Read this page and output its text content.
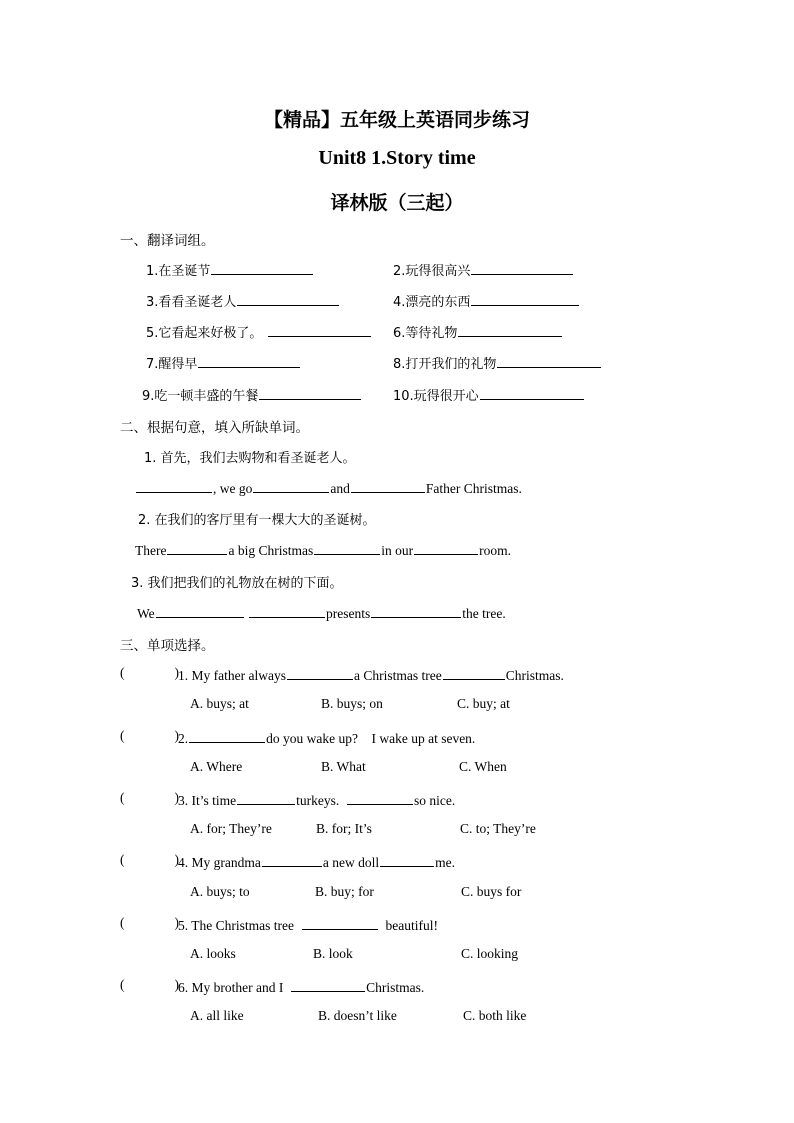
【精品】五年级上英语同步练习
Unit8 1.Story time
译林版（三起）
一、翻译词组。
1.在圣诞节	2.玩得很高兴
3.看看圣诞老人	4.漂亮的东西
5.它看起来好极了。	6.等待礼物
7.醒得早	8.打开我们的礼物
9.吃一顿丰盛的午餐	10.玩得很开心
二、根据句意，填入所缺单词。
1. 首先，我们去购物和看圣诞老人。
, we go	and	Father Christmas.
2. 在我们的客厅里有一棵大大的圣诞树。
There	a big Christmas	in our	room.
3. 我们把我们的礼物放在树的下面。
We	presents	the tree.
三、单项选择。
(	) 1. My father always	a Christmas tree	Christmas.
A. buys; at	B. buys; on	C. buy; at
(	) 2.	do you wake up?    I wake up at seven.
A. Where	B. What	C. When
(	) 3. It’s time	turkeys.	so nice.
A. for; They’re	B. for; It’s	C. to; They’re
(	) 4. My grandma	a new doll	me.
A. buys; to	B. buy; for	C. buys for
(	) 5. The Christmas tree	beautiful!
A. looks	B. look	C. looking
(	) 6. My brother and I	Christmas.
A. all like	B. doesn’t like	C. both like
